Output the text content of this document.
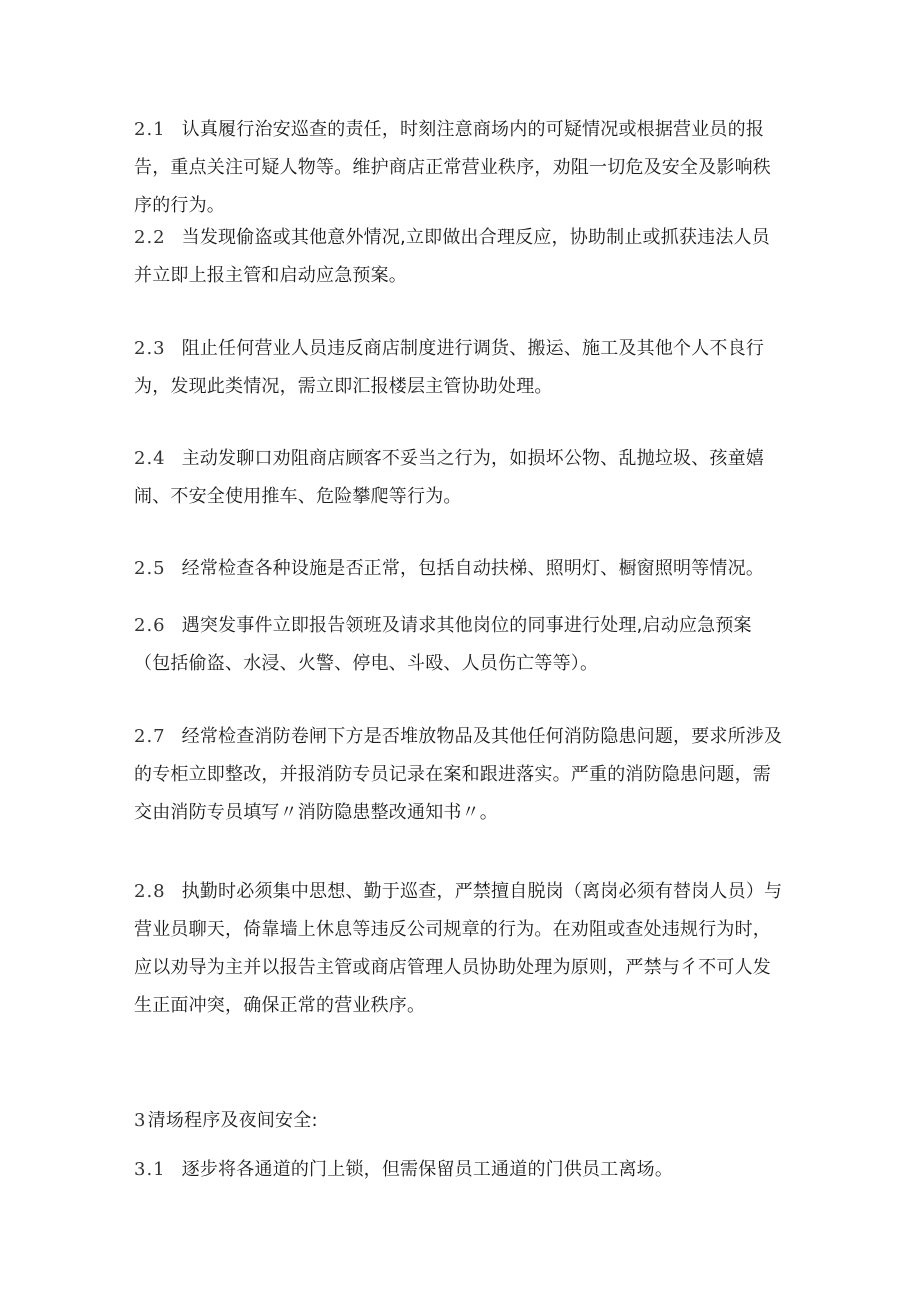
2.1 认真履行治安巡查的责任，时刻注意商场内的可疑情况或根据营业员的报告，重点关注可疑人物等。维护商店正常营业秩序，劝阻一切危及安全及影响秩序的行为。

2.2 当发现偷盗或其他意外情况,立即做出合理反应，协助制止或抓获违法人员并立即上报主管和启动应急预案。

2.3 阻止任何营业人员违反商店制度进行调货、搬运、施工及其他个人不良行为，发现此类情况，需立即汇报楼层主管协助处理。

2.4 主动发聊口劝阻商店顾客不妥当之行为，如损坏公物、乱抛垃圾、孩童嬉闹、不安全使用推车、危险攀爬等行为。

2.5 经常检查各种设施是否正常，包括自动扶梯、照明灯、橱窗照明等情况。

2.6 遇突发事件立即报告领班及请求其他岗位的同事进行处理,启动应急预案（包括偷盗、水浸、火警、停电、斗殴、人员伤亡等等）。

2.7 经常检查消防卷闸下方是否堆放物品及其他任何消防隐患问题，要求所涉及的专柜立即整改，并报消防专员记录在案和跟进落实。严重的消防隐患问题，需交由消防专员填写〃消防隐患整改通知书〃。

2.8 执勤时必须集中思想、勤于巡查，严禁擅自脱岗（离岗必须有替岗人员）与营业员聊天，倚靠墙上休息等违反公司规章的行为。在劝阻或查处违规行为时，应以劝导为主并以报告主管或商店管理人员协助处理为原则，严禁与彳不可人发生正面冲突，确保正常的营业秩序。

3 清场程序及夜间安全:

3.1 逐步将各通道的门上锁，但需保留员工通道的门供员工离场。
